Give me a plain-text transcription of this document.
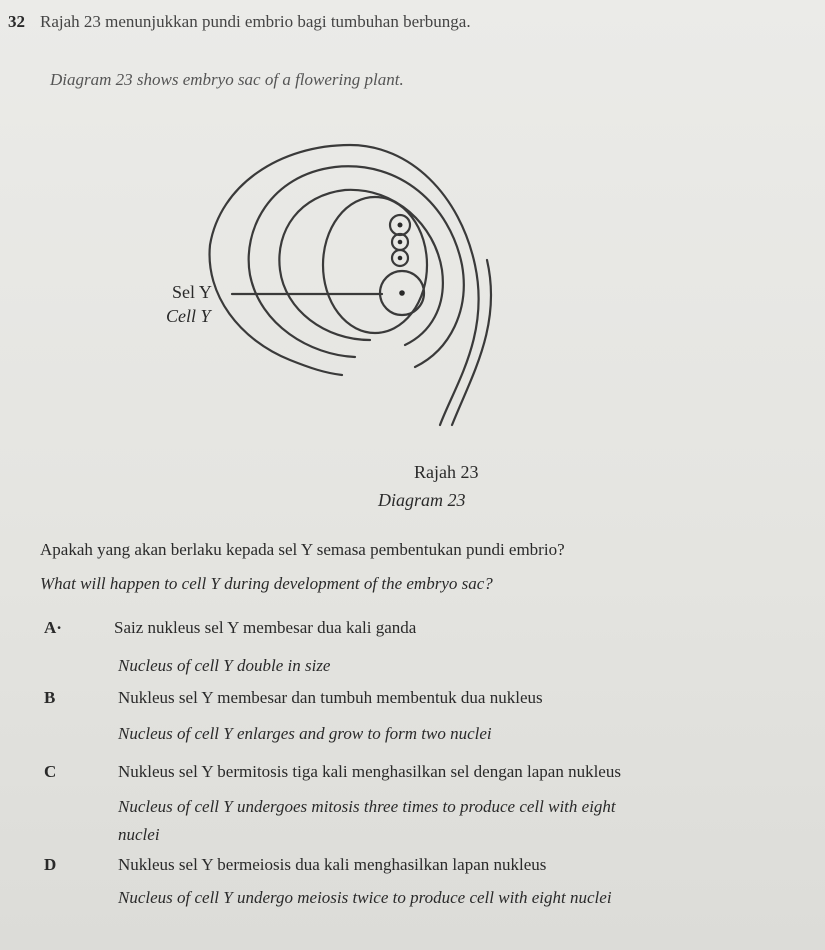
32 Rajah 23 menunjukkan pundi embrio bagi tumbuhan berbunga.
Diagram 23 shows embryo sac of a flowering plant.
Sel Y
Cell Y
Rajah 23
Diagram 23
Apakah yang akan berlaku kepada sel Y semasa pembentukan pundi embrio?
What will happen to cell Y during development of the embryo sac?
A·	Saiz nukleus sel Y membesar dua kali ganda
Nucleus of cell Y double in size
B	Nukleus sel Y membesar dan tumbuh membentuk dua nukleus
Nucleus of cell Y enlarges and grow to form two nuclei
C	Nukleus sel Y bermitosis tiga kali menghasilkan sel dengan lapan nukleus
Nucleus of cell Y undergoes mitosis three times to produce cell with eight
nuclei
D	Nukleus sel Y bermeiosis dua kali menghasilkan lapan nukleus
Nucleus of cell Y undergo meiosis twice to produce cell with eight nuclei
